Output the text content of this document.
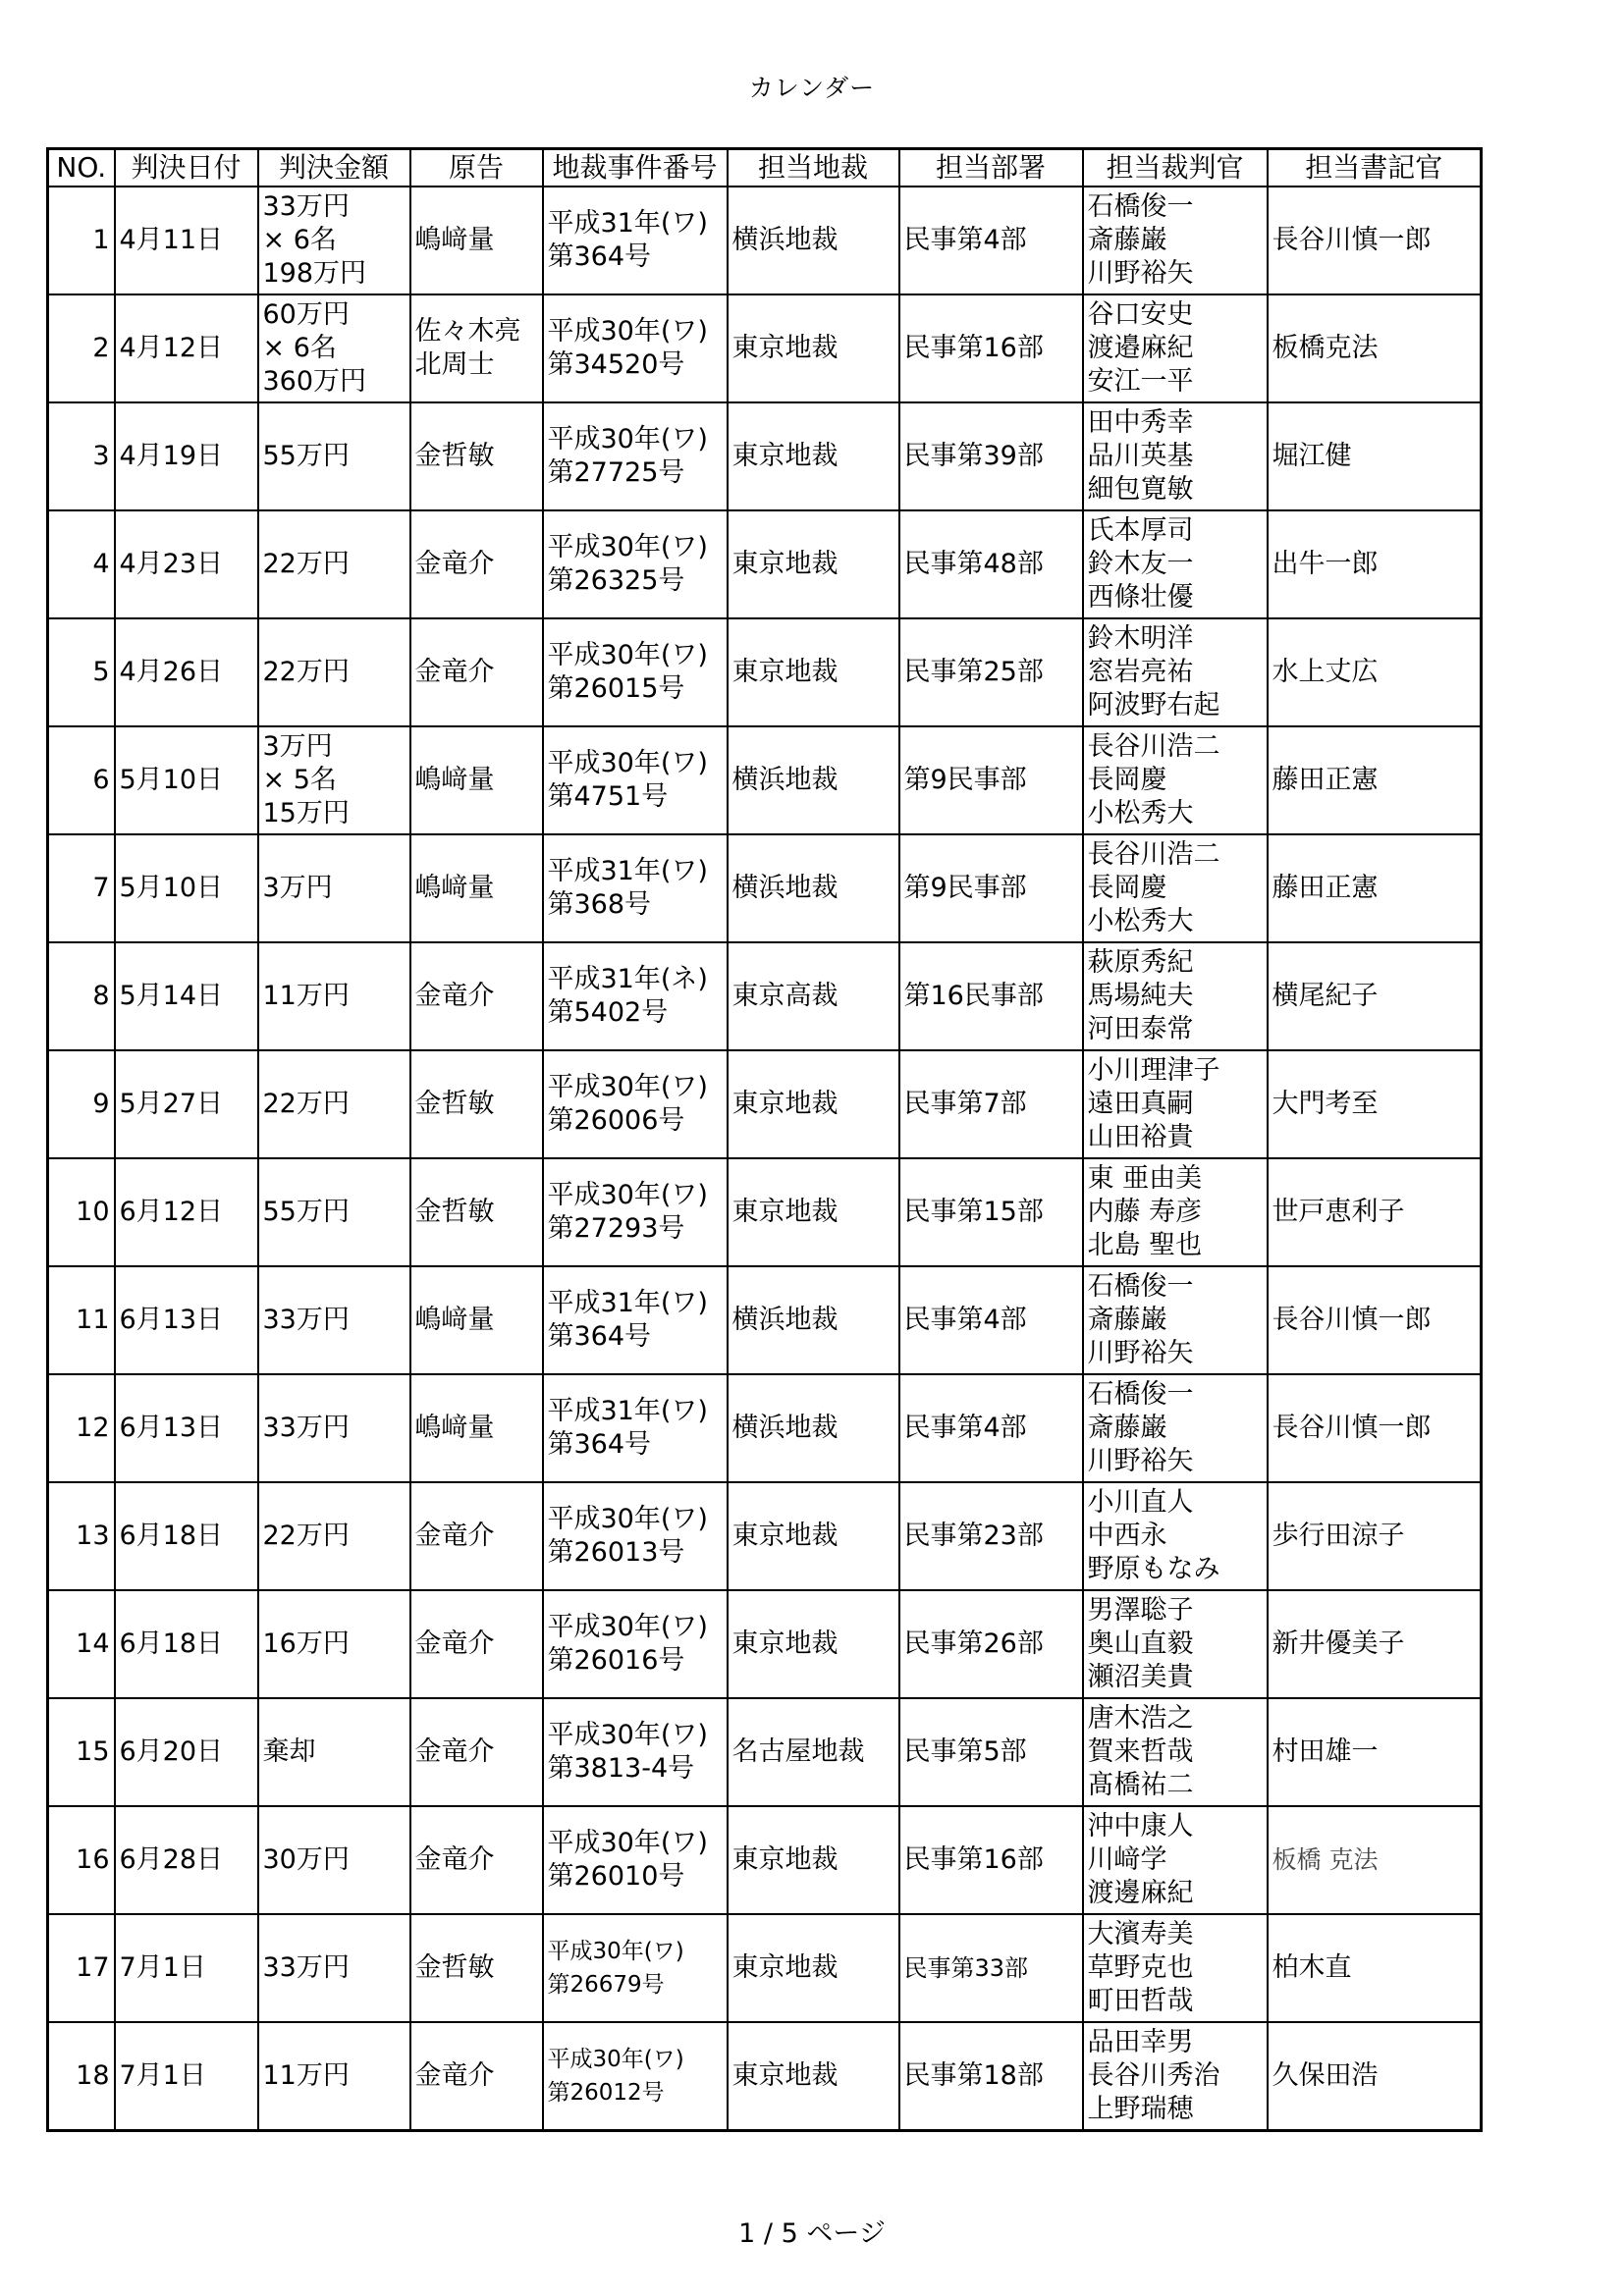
カレンダー
NO.	判決日付	判決金額	原告	地裁事件番号	担当地裁	担当部署	担当裁判官	担当書記官
1	4月11日	33万円
× 6名
198万円	嶋﨑量	平成31年(ワ)
第364号	横浜地裁	民事第4部	石橋俊一
斎藤巌
川野裕矢	長谷川慎一郎
2	4月12日	60万円
× 6名
360万円	佐々木亮
北周士	平成30年(ワ)
第34520号	東京地裁	民事第16部	谷口安史
渡邉麻紀
安江一平	板橋克法
3	4月19日	55万円	金哲敏	平成30年(ワ)
第27725号	東京地裁	民事第39部	田中秀幸
品川英基
細包寛敏	堀江健
4	4月23日	22万円	金竜介	平成30年(ワ)
第26325号	東京地裁	民事第48部	氏本厚司
鈴木友一
西條壮優	出牛一郎
5	4月26日	22万円	金竜介	平成30年(ワ)
第26015号	東京地裁	民事第25部	鈴木明洋
窓岩亮祐
阿波野右起	水上丈広
6	5月10日	3万円
× 5名
15万円	嶋﨑量	平成30年(ワ)
第4751号	横浜地裁	第9民事部	長谷川浩二
長岡慶
小松秀大	藤田正憲
7	5月10日	3万円	嶋﨑量	平成31年(ワ)
第368号	横浜地裁	第9民事部	長谷川浩二
長岡慶
小松秀大	藤田正憲
8	5月14日	11万円	金竜介	平成31年(ネ)
第5402号	東京高裁	第16民事部	萩原秀紀
馬場純夫
河田泰常	横尾紀子
9	5月27日	22万円	金哲敏	平成30年(ワ)
第26006号	東京地裁	民事第7部	小川理津子
遠田真嗣
山田裕貴	大門考至
10	6月12日	55万円	金哲敏	平成30年(ワ)
第27293号	東京地裁	民事第15部	東 亜由美
内藤 寿彦
北島 聖也	世戸恵利子
11	6月13日	33万円	嶋﨑量	平成31年(ワ)
第364号	横浜地裁	民事第4部	石橋俊一
斎藤巌
川野裕矢	長谷川慎一郎
12	6月13日	33万円	嶋﨑量	平成31年(ワ)
第364号	横浜地裁	民事第4部	石橋俊一
斎藤巌
川野裕矢	長谷川慎一郎
13	6月18日	22万円	金竜介	平成30年(ワ)
第26013号	東京地裁	民事第23部	小川直人
中西永
野原もなみ	歩行田涼子
14	6月18日	16万円	金竜介	平成30年(ワ)
第26016号	東京地裁	民事第26部	男澤聡子
奥山直毅
瀬沼美貴	新井優美子
15	6月20日	棄却	金竜介	平成30年(ワ)
第3813-4号	名古屋地裁	民事第5部	唐木浩之
賀来哲哉
髙橋祐二	村田雄一
16	6月28日	30万円	金竜介	平成30年(ワ)
第26010号	東京地裁	民事第16部	沖中康人
川﨑学
渡邊麻紀	板橋 克法
17	7月1日	33万円	金哲敏	平成30年(ワ)
第26679号	東京地裁	民事第33部	大濱寿美
草野克也
町田哲哉	柏木直
18	7月1日	11万円	金竜介	平成30年(ワ)
第26012号	東京地裁	民事第18部	品田幸男
長谷川秀治
上野瑞穂	久保田浩
1 / 5 ページ
